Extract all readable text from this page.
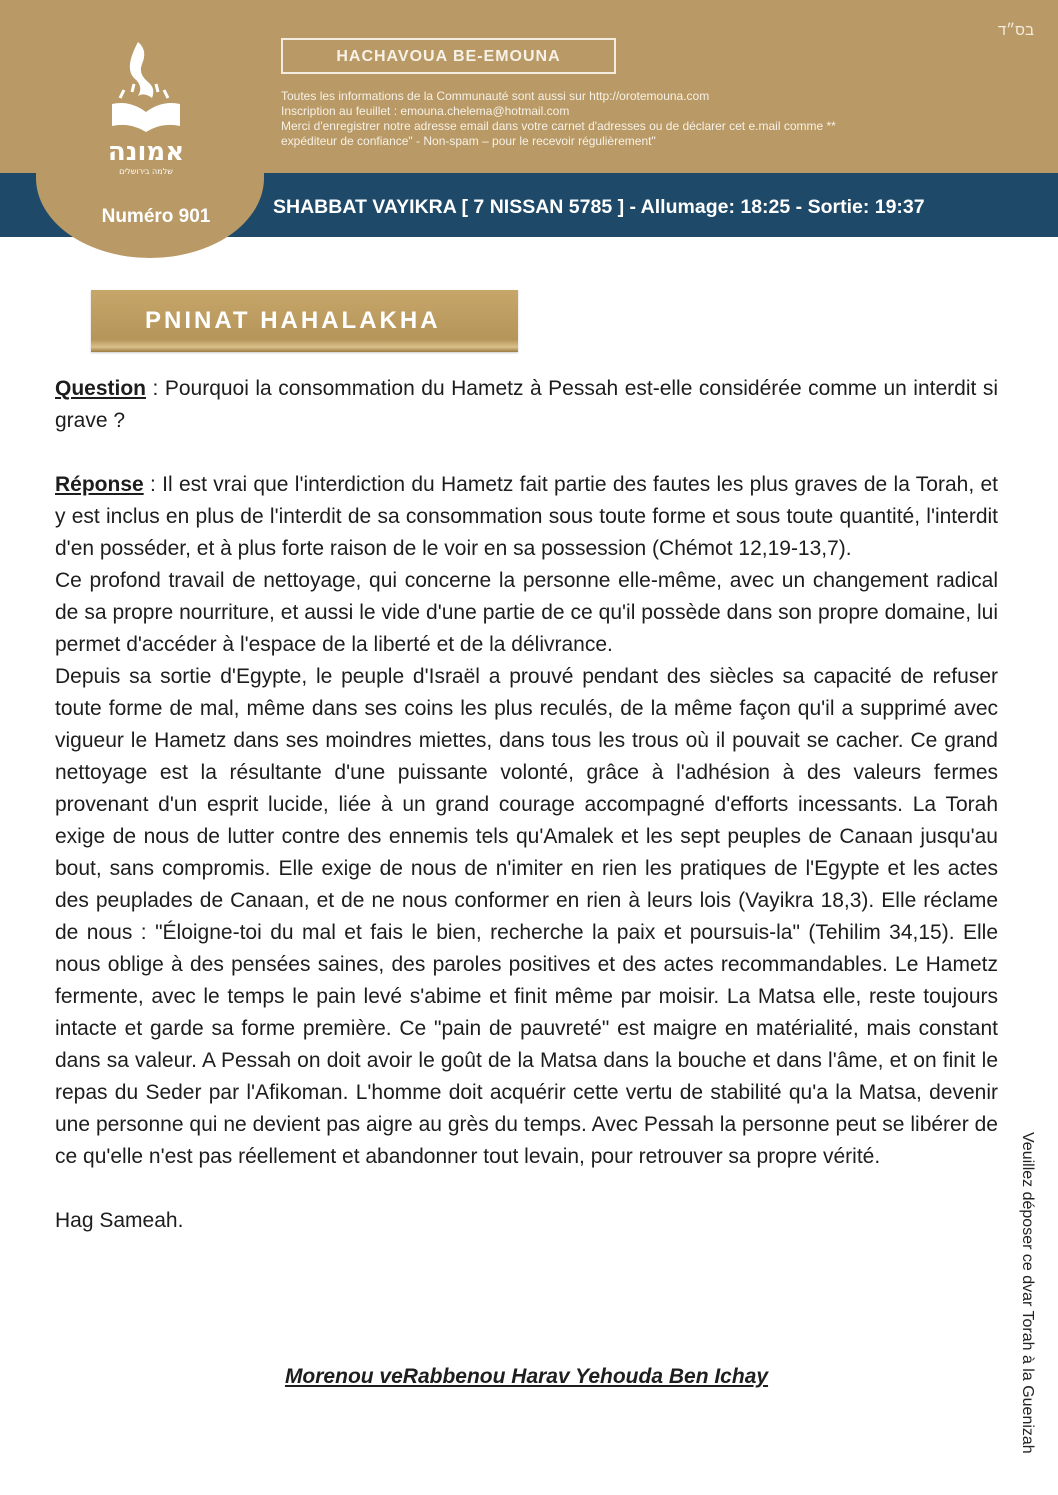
אמונה
שלמה בירושלים
Numéro 901
בס״ד
HACHAVOUA BE-EMOUNA
Toutes les informations de la Communauté sont aussi sur http://orotemouna.com
Inscription au feuillet : emouna.chelema@hotmail.com
Merci d'enregistrer notre adresse email dans votre carnet d'adresses ou de déclarer cet e.mail comme **
expéditeur de confiance" - Non-spam – pour le recevoir régulièrement"
SHABBAT VAYIKRA [ 7 NISSAN 5785 ] - Allumage: 18:25 - Sortie: 19:37
PNINAT HAHALAKHA

Question : Pourquoi la consommation du Hametz à Pessah est-elle considérée comme un interdit si grave ?

Réponse : Il est vrai que l'interdiction du Hametz fait partie des fautes les plus graves de la Torah, et y est inclus en plus de l'interdit de sa consommation sous toute forme et sous toute quantité, l'interdit d'en posséder, et à plus forte raison de le voir en sa possession (Chémot 12,19-13,7).

Ce profond travail de nettoyage, qui concerne la personne elle-même, avec un changement radical de sa propre nourriture, et aussi le vide d'une partie de ce qu'il possède dans son propre domaine, lui permet d'accéder à l'espace de la liberté et de la délivrance.

Depuis sa sortie d'Egypte, le peuple d'Israël a prouvé pendant des siècles sa capacité de refuser toute forme de mal, même dans ses coins les plus reculés, de la même façon qu'il a supprimé avec vigueur le Hametz dans ses moindres miettes, dans tous les trous où il pouvait se cacher. Ce grand nettoyage est la résultante d'une puissante volonté, grâce à l'adhésion à des valeurs fermes provenant d'un esprit lucide, liée à un grand courage accompagné d'efforts incessants. La Torah exige de nous de lutter contre des ennemis tels qu'Amalek et les sept peuples de Canaan jusqu'au bout, sans compromis. Elle exige de nous de n'imiter en rien les pratiques de l'Egypte et les actes des peuplades de Canaan, et de ne nous conformer en rien à leurs lois (Vayikra 18,3). Elle réclame de nous : "Éloigne-toi du mal et fais le bien, recherche la paix et poursuis-la" (Tehilim 34,15). Elle nous oblige à des pensées saines, des paroles positives et des actes recommandables. Le Hametz fermente, avec le temps le pain levé s'abime et finit même par moisir. La Matsa elle, reste toujours intacte et garde sa forme première. Ce "pain de pauvreté" est maigre en matérialité, mais constant dans sa valeur. A Pessah on doit avoir le goût de la Matsa dans la bouche et dans l'âme, et on finit le repas du Seder par l'Afikoman. L'homme doit acquérir cette vertu de stabilité qu'a la Matsa, devenir une personne qui ne devient pas aigre au grès du temps. Avec Pessah la personne peut se libérer de ce qu'elle n'est pas réellement et abandonner tout levain, pour retrouver sa propre vérité.

Hag Sameah.

Morenou veRabbenou Harav Yehouda Ben Ichay	Veuillez déposer ce dvar Torah à la Guenizah
